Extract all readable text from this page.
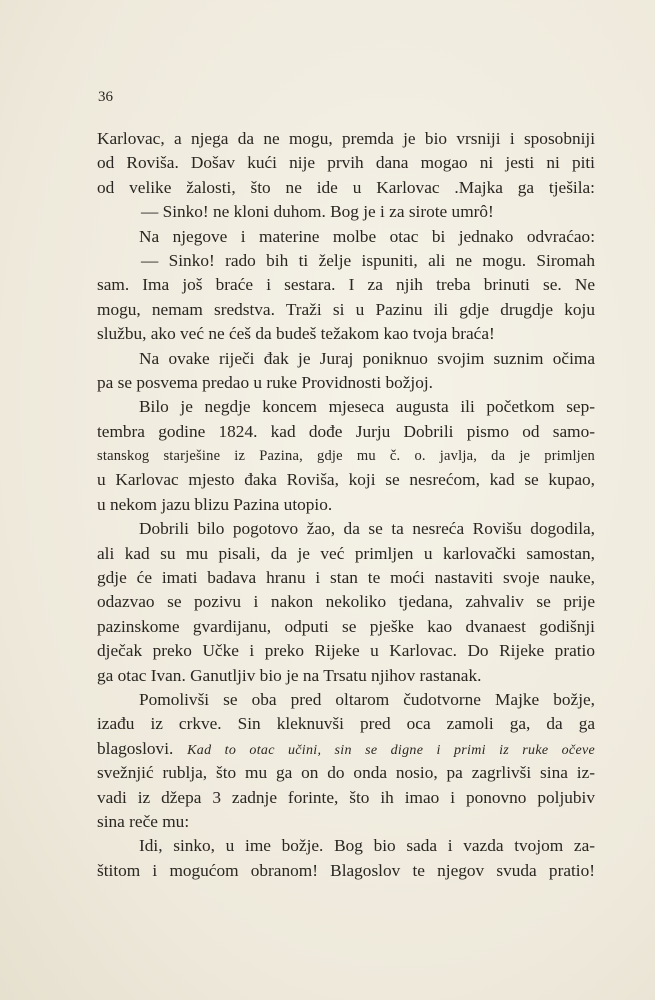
36
Karlovac, a njega da ne mogu, premda je bio vrsniji i sposobniji
od Roviša. Došav kući nije prvih dana mogao ni jesti ni piti
od velike žalosti, što ne ide u Karlovac .Majka ga tješila:
— Sinko! ne kloni duhom. Bog je i za sirote umrô!
Na njegove i materine molbe otac bi jednako odvraćao:
— Sinko! rado bih ti želje ispuniti, ali ne mogu. Siromah
sam. Ima još braće i sestara. I za njih treba brinuti se. Ne
mogu, nemam sredstva. Traži si u Pazinu ili gdje drugdje koju
službu, ako već ne ćeš da budeš težakom kao tvoja braća!
Na ovake riječi đak je Juraj poniknuo svojim suznim očima
pa se posvema predao u ruke Providnosti božjoj.
Bilo je negdje koncem mjeseca augusta ili početkom sep-
tembra godine 1824. kad dođe Jurju Dobrili pismo od samo-
stanskog starješine iz Pazina, gdje mu č. o. javlja, da je primljen
u Karlovac mjesto đaka Roviša, koji se nesrećom, kad se kupao,
u nekom jazu blizu Pazina utopio.
Dobrili bilo pogotovo žao, da se ta nesreća Rovišu dogodila,
ali kad su mu pisali, da je već primljen u karlovački samostan,
gdje će imati badava hranu i stan te moći nastaviti svoje nauke,
odazvao se pozivu i nakon nekoliko tjedana, zahvaliv se prije
pazinskome gvardijanu, odputi se pješke kao dvanaest godišnji
dječak preko Učke i preko Rijeke u Karlovac. Do Rijeke pratio
ga otac Ivan. Ganutljiv bio je na Trsatu njihov rastanak.
Pomolivši se oba pred oltarom čudotvorne Majke božje,
izađu iz crkve. Sin kleknuvši pred oca zamoli ga, da ga
blagoslovi. Kad to otac učini, sin se digne i primi iz ruke očeve
svežnjić rublja, što mu ga on do onda nosio, pa zagrlivši sina iz-
vadi iz džepa 3 zadnje forinte, što ih imao i ponovno poljubiv
sina reče mu:
Idi, sinko, u ime božje. Bog bio sada i vazda tvojom za-
štitom i mogućom obranom! Blagoslov te njegov svuda pratio!
